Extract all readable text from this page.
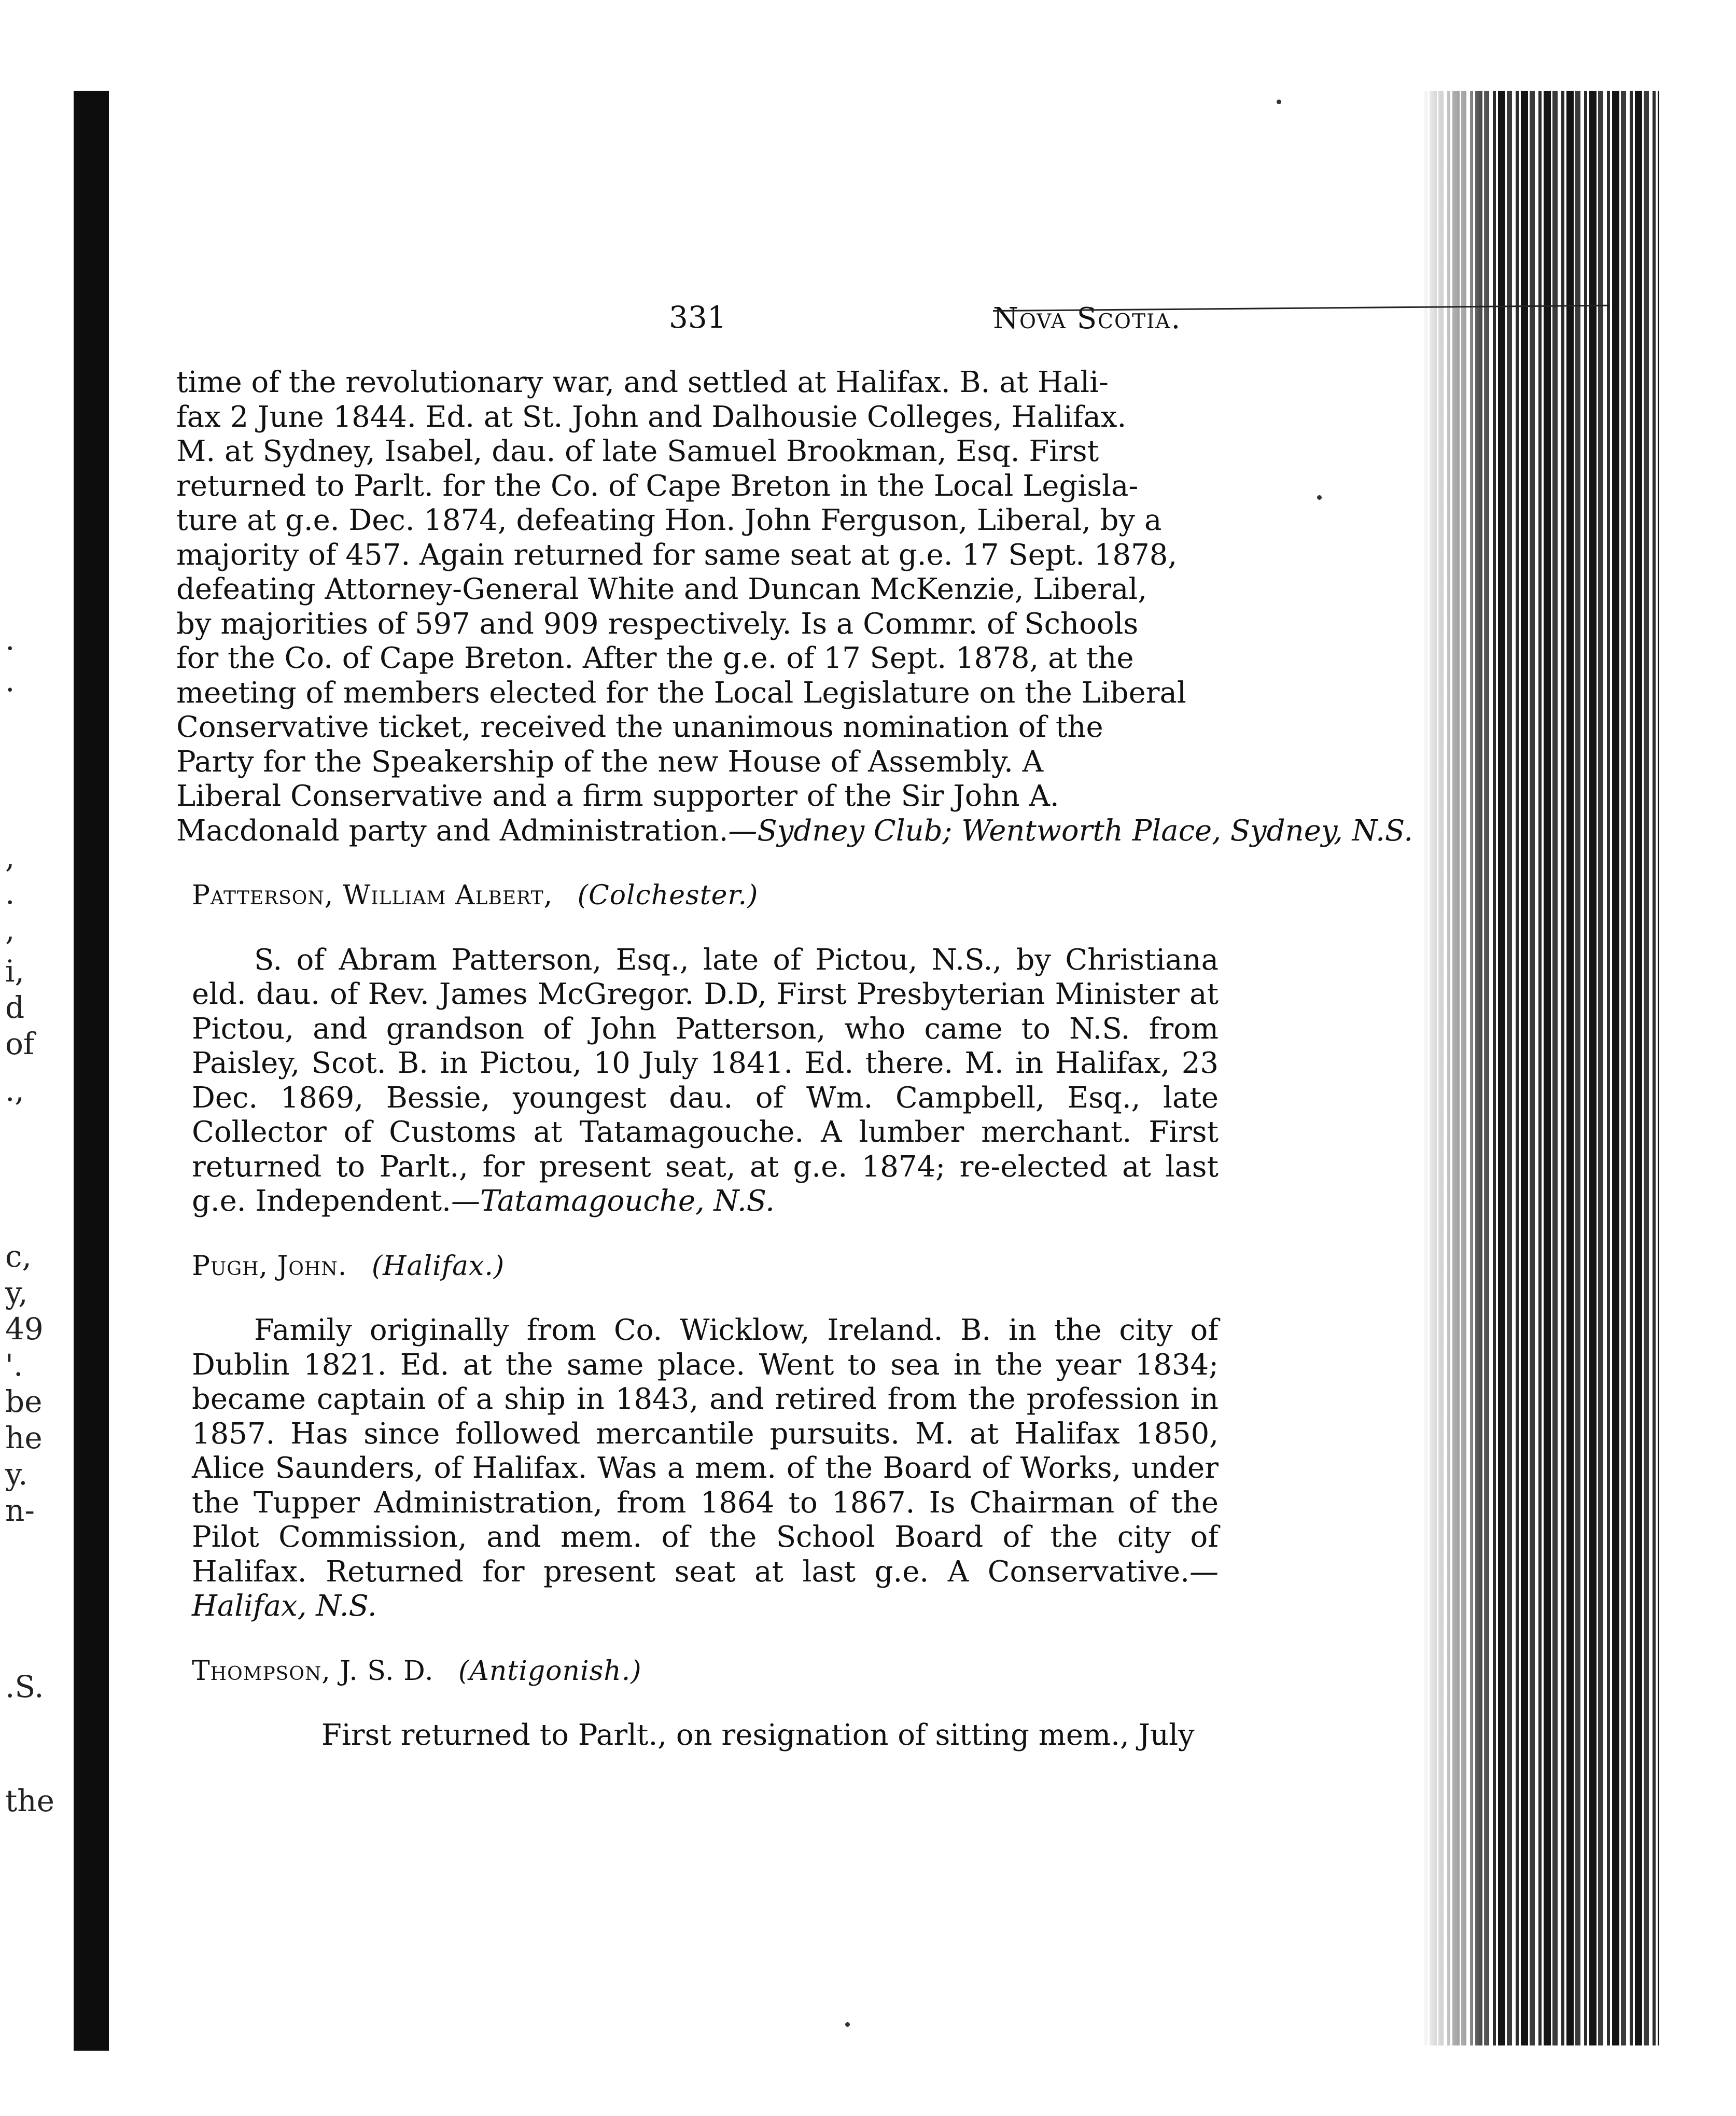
.
.
,
.
,
i,
d
of
.,
c,
y,
49
'.
be
he
y.
n-
.S.
the
331	Nova Scotia.
time of the revolutionary war, and settled at Halifax. B. at Hali-
fax 2 June 1844. Ed. at St. John and Dalhousie Colleges, Halifax.
M. at Sydney, Isabel, dau. of late Samuel Brookman, Esq. First
returned to Parlt. for the Co. of Cape Breton in the Local Legisla-
ture at g.e. Dec. 1874, defeating Hon. John Ferguson, Liberal, by a
majority of 457. Again returned for same seat at g.e. 17 Sept. 1878,
defeating Attorney-General White and Duncan McKenzie, Liberal,
by majorities of 597 and 909 respectively. Is a Commr. of Schools
for the Co. of Cape Breton. After the g.e. of 17 Sept. 1878, at the
meeting of members elected for the Local Legislature on the Liberal
Conservative ticket, received the unanimous nomination of the
Party for the Speakership of the new House of Assembly. A
Liberal Conservative and a firm supporter of the Sir John A.
Macdonald party and Administration.—Sydney Club; Wentworth Place, Sydney, N.S.
Patterson, William Albert, (Colchester.)
S. of Abram Patterson, Esq., late of Pictou, N.S., by Christiana eld. dau. of Rev. James McGregor. D.D, First Presbyterian Minister at Pictou, and grandson of John Patterson, who came to N.S. from Paisley, Scot. B. in Pictou, 10 July 1841. Ed. there. M. in Halifax, 23 Dec. 1869, Bessie, youngest dau. of Wm. Campbell, Esq., late Collector of Customs at Tatamagouche. A lumber merchant. First returned to Parlt., for present seat, at g.e. 1874; re-elected at last g.e. Independent.—Tatamagouche, N.S.
Pugh, John. (Halifax.)
Family originally from Co. Wicklow, Ireland. B. in the city of Dublin 1821. Ed. at the same place. Went to sea in the year 1834; became captain of a ship in 1843, and retired from the profession in 1857. Has since followed mercantile pursuits. M. at Halifax 1850, Alice Saunders, of Halifax. Was a mem. of the Board of Works, under the Tupper Administration, from 1864 to 1867. Is Chairman of the Pilot Commission, and mem. of the School Board of the city of Halifax. Returned for present seat at last g.e. A Conservative.—Halifax, N.S.
Thompson, J. S. D. (Antigonish.)
First returned to Parlt., on resignation of sitting mem., July
